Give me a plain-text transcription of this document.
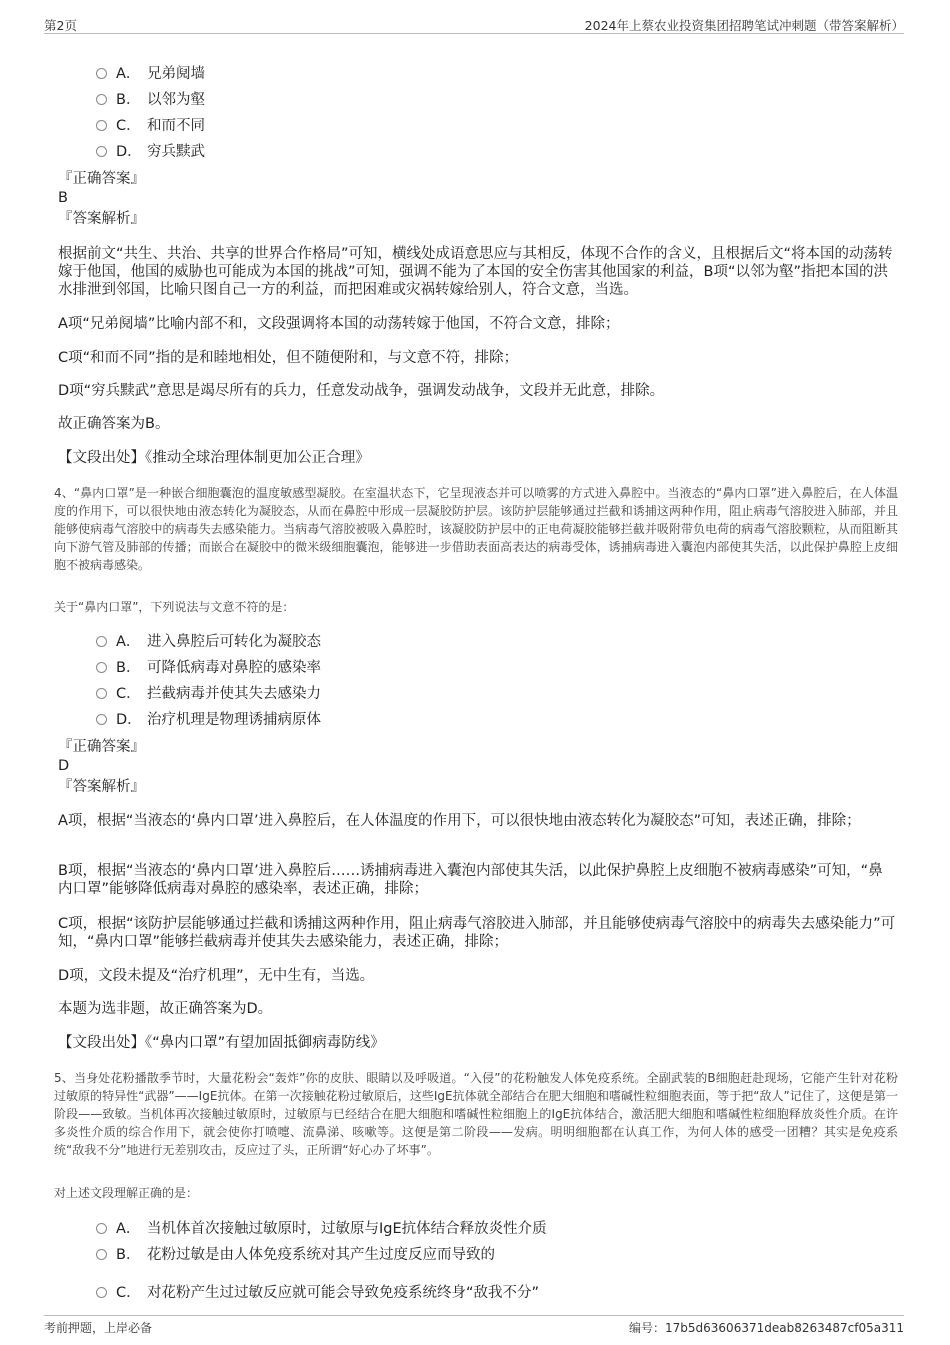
第2页	2024年上蔡农业投资集团招聘笔试冲刺题（带答案解析）
A． 兄弟阋墙
B． 以邻为壑
C． 和而不同
D． 穷兵黩武
『正确答案』
B
『答案解析』
根据前文“共生、共治、共享的世界合作格局”可知，横线处成语意思应与其相反，体现不合作的含义，且根据后文“将本国的动荡转嫁于他国，他国的威胁也可能成为本国的挑战”可知，强调不能为了本国的安全伤害其他国家的利益，B项“以邻为壑”指把本国的洪水排泄到邻国，比喻只图自己一方的利益，而把困难或灾祸转嫁给别人，符合文意，当选。
A项“兄弟阋墙”比喻内部不和，文段强调将本国的动荡转嫁于他国，不符合文意，排除；
C项“和而不同”指的是和睦地相处，但不随便附和，与文意不符，排除；
D项“穷兵黩武”意思是竭尽所有的兵力，任意发动战争，强调发动战争，文段并无此意，排除。
故正确答案为B。
【文段出处】《推动全球治理体制更加公正合理》
4、“鼻内口罩”是一种嵌合细胞囊泡的温度敏感型凝胶。在室温状态下，它呈现液态并可以喷雾的方式进入鼻腔中。当液态的“鼻内口罩”进入鼻腔后，在人体温度的作用下，可以很快地由液态转化为凝胶态，从而在鼻腔中形成一层凝胶防护层。该防护层能够通过拦截和诱捕这两种作用，阻止病毒气溶胶进入肺部，并且能够使病毒气溶胶中的病毒失去感染能力。当病毒气溶胶被吸入鼻腔时，该凝胶防护层中的正电荷凝胶能够拦截并吸附带负电荷的病毒气溶胶颗粒，从而阻断其向下游气管及肺部的传播；而嵌合在凝胶中的微米级细胞囊泡，能够进一步借助表面高表达的病毒受体，诱捕病毒进入囊泡内部使其失活，以此保护鼻腔上皮细胞不被病毒感染。
关于“鼻内口罩”，下列说法与文意不符的是：
A． 进入鼻腔后可转化为凝胶态
B． 可降低病毒对鼻腔的感染率
C． 拦截病毒并使其失去感染力
D． 治疗机理是物理诱捕病原体
『正确答案』
D
『答案解析』
A项，根据“当液态的‘鼻内口罩’进入鼻腔后，在人体温度的作用下，可以很快地由液态转化为凝胶态”可知，表述正确，排除；
B项，根据“当液态的‘鼻内口罩’进入鼻腔后……诱捕病毒进入囊泡内部使其失活，以此保护鼻腔上皮细胞不被病毒感染”可知，“鼻内口罩”能够降低病毒对鼻腔的感染率，表述正确，排除；
C项，根据“该防护层能够通过拦截和诱捕这两种作用，阻止病毒气溶胶进入肺部，并且能够使病毒气溶胶中的病毒失去感染能力”可知，“鼻内口罩”能够拦截病毒并使其失去感染能力，表述正确，排除；
D项，文段未提及“治疗机理”，无中生有，当选。
本题为选非题，故正确答案为D。
【文段出处】《“鼻内口罩”有望加固抵御病毒防线》
5、当身处花粉播散季节时，大量花粉会“轰炸”你的皮肤、眼睛以及呼吸道。“入侵”的花粉触发人体免疫系统。全副武装的B细胞赶赴现场，它能产生针对花粉过敏原的特异性“武器”——IgE抗体。在第一次接触花粉过敏原后，这些IgE抗体就全部结合在肥大细胞和嗜碱性粒细胞表面，等于把“敌人”记住了，这便是第一阶段——致敏。当机体再次接触过敏原时，过敏原与已经结合在肥大细胞和嗜碱性粒细胞上的IgE抗体结合，激活肥大细胞和嗜碱性粒细胞释放炎性介质。在许多炎性介质的综合作用下，就会使你打喷嚏、流鼻涕、咳嗽等。这便是第二阶段——发病。明明细胞都在认真工作，为何人体的感受一团糟？其实是免疫系统“敌我不分”地进行无差别攻击，反应过了头，正所谓“好心办了坏事”。
对上述文段理解正确的是：
A． 当机体首次接触过敏原时，过敏原与IgE抗体结合释放炎性介质
B． 花粉过敏是由人体免疫系统对其产生过度反应而导致的
C． 对花粉产生过过敏反应就可能会导致免疫系统终身“敌我不分”
考前押题，上岸必备	编号：17b5d63606371deab8263487cf05a311
